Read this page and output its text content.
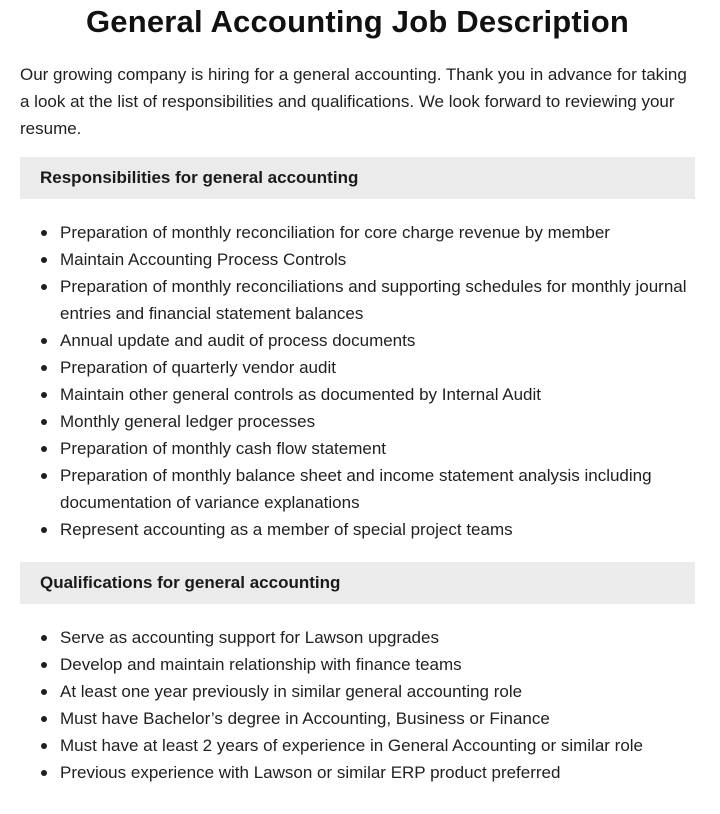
General Accounting Job Description

Our growing company is hiring for a general accounting. Thank you in advance for taking a look at the list of responsibilities and qualifications. We look forward to reviewing your resume.

Responsibilities for general accounting
Preparation of monthly reconciliation for core charge revenue by member
Maintain Accounting Process Controls
Preparation of monthly reconciliations and supporting schedules for monthly journal entries and financial statement balances
Annual update and audit of process documents
Preparation of quarterly vendor audit
Maintain other general controls as documented by Internal Audit
Monthly general ledger processes
Preparation of monthly cash flow statement
Preparation of monthly balance sheet and income statement analysis including documentation of variance explanations
Represent accounting as a member of special project teams
Qualifications for general accounting
Serve as accounting support for Lawson upgrades
Develop and maintain relationship with finance teams
At least one year previously in similar general accounting role
Must have Bachelor’s degree in Accounting, Business or Finance
Must have at least 2 years of experience in General Accounting or similar role
Previous experience with Lawson or similar ERP product preferred
